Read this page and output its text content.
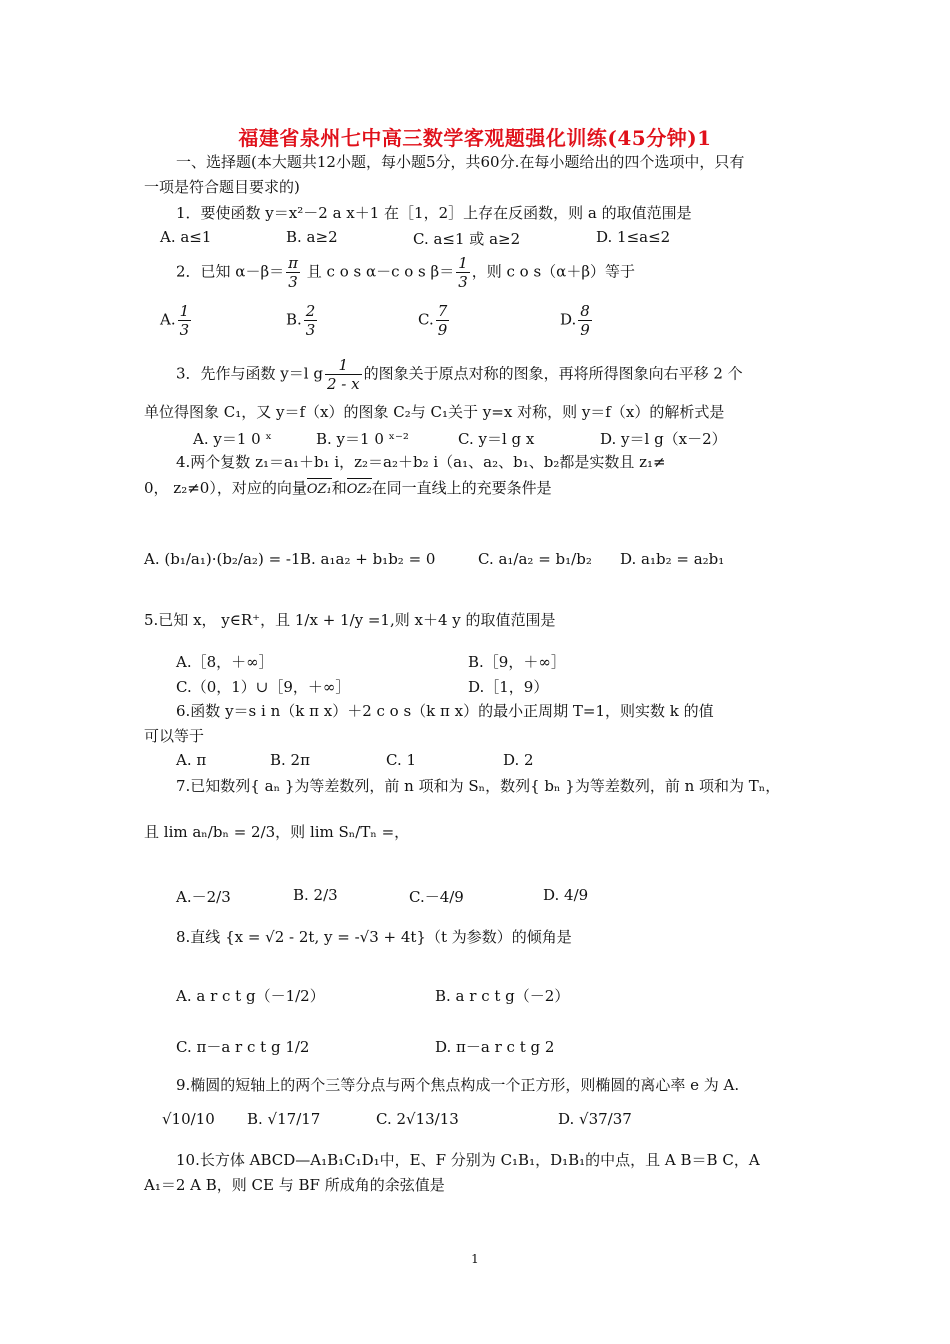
福建省泉州七中高三数学客观题强化训练(45分钟)1
一、选择题(本大题共12小题，每小题5分，共60分.在每小题给出的四个选项中，只有
一项是符合题目要求的)
1．要使函数 y＝x²－2 a x＋1 在［1，2］上存在反函数，则 a 的取值范围是
A. a≤1	B. a≥2	C. a≤1 或 a≥2	D. 1≤a≤2
2．已知 $\alpha-\beta= \frac{\pi}{3}$ 且 c o s α－c o s $\beta= \frac{1}{3}$ ，则 c o s（α＋β）等于
A. $\frac{1}{3}$	B. $\frac{2}{3}$	C. $\frac{7}{9}$	D. $\frac{8}{9}$
3．先作与函数 y＝l g $\frac{1}{2 - x}$ 的图象关于原点对称的图象，再将所得图象向右平移 2 个
单位得图象 C₁，又 y＝f（x）的图象 C₂与 C₁关于 y=x 对称，则 y＝f（x）的解析式是
A. y＝1 0 ˣ	B. y＝1 0 ˣ⁻²	C. y＝l g x	D. y＝l g（x－2）
4.两个复数 z₁＝a₁＋b₁ i，z₂＝a₂＋b₂ i（a₁、a₂、b₁、b₂都是实数且 z₁≠
0， z₂≠0），对应的向量OZ₁和OZ₂在同一直线上的充要条件是
A. (b₁/a₁)·(b₂/a₂) = -1 B. a₁a₂ + b₁b₂ = 0	C. a₁/a₂ = b₁/b₂ D. a₁b₂ = a₂b₁
5.已知 x， y∈R⁺，且 1/x + 1/y =1,则 x＋4 y 的取值范围是
A.［8，＋∞］	B.［9，＋∞］
C.（0，1）∪［9，＋∞］	D.［1，9）
6.函数 y＝s i n（k π x）＋2 c o s（k π x）的最小正周期 T=1，则实数 k 的值
可以等于
A. π	B. 2π	C. 1	D. 2
7.已知数列{ aₙ }为等差数列，前 n 项和为 Sₙ，数列{ bₙ }为等差数列，前 n 项和为 Tₙ，
且 lim aₙ/bₙ = 2/3，则 lim Sₙ/Tₙ =，
A.－2/3	B. 2/3	C.－4/9	D. 4/9
8.直线 {x = √2 - 2t, y = -√3 + 4t}（t 为参数）的倾角是
A. a r c t g（－1/2）	B. a r c t g（－2）
C. π－a r c t g 1/2	D. π－a r c t g 2
9.椭圆的短轴上的两个三等分点与两个焦点构成一个正方形，则椭圆的离心率 e 为 A.
√10/10 B. √17/17	C. 2√13/13	D. √37/37
10.长方体 ABCD—A₁B₁C₁D₁中，E、F 分别为 C₁B₁，D₁B₁的中点，且 A B＝B C，A
A₁＝2 A B，则 CE 与 BF 所成角的余弦值是
1
